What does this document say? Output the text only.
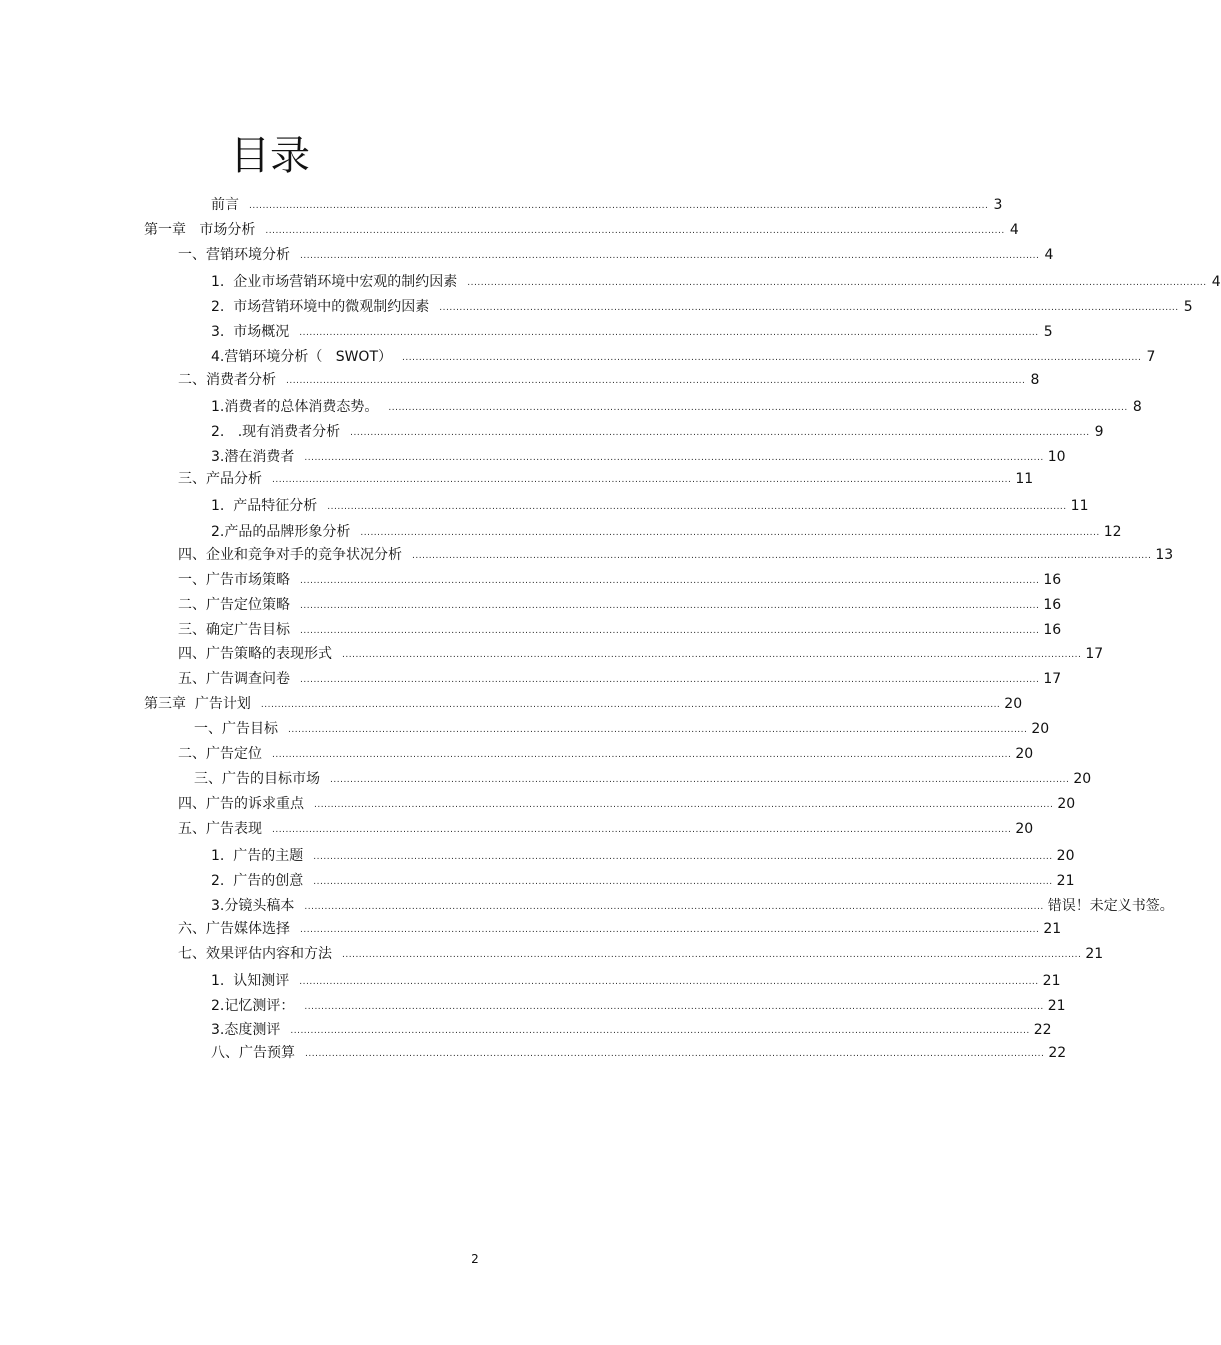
目录
前言 ............................................................................................................................................................................................................................ 3
第一章   市场分析 ............................................................................................................................................................................................................................ 4
一、营销环境分析 ............................................................................................................................................................................................................................ 4
1.  企业市场营销环境中宏观的制约因素 ............................................................................................................................................................................................................................ 4
2.  市场营销环境中的微观制约因素 ............................................................................................................................................................................................................................ 5
3.  市场概况 ............................................................................................................................................................................................................................ 5
4.营销环境分析（   SWOT） ............................................................................................................................................................................................................................ 7
二、消费者分析 ............................................................................................................................................................................................................................ 8
1.消费者的总体消费态势。 ............................................................................................................................................................................................................................ 8
2.   .现有消费者分析 ............................................................................................................................................................................................................................ 9
3.潜在消费者 ............................................................................................................................................................................................................................ 10
三、产品分析 ............................................................................................................................................................................................................................ 11
1.  产品特征分析 ............................................................................................................................................................................................................................ 11
2.产品的品牌形象分析 ............................................................................................................................................................................................................................ 12
四、企业和竞争对手的竞争状况分析 ............................................................................................................................................................................................................................ 13
一、广告市场策略 ............................................................................................................................................................................................................................ 16
二、广告定位策略 ............................................................................................................................................................................................................................ 16
三、确定广告目标 ............................................................................................................................................................................................................................ 16
四、广告策略的表现形式 ............................................................................................................................................................................................................................ 17
五、广告调查问卷 ............................................................................................................................................................................................................................ 17
第三章  广告计划 ............................................................................................................................................................................................................................ 20
一、广告目标 ............................................................................................................................................................................................................................ 20
二、广告定位 ............................................................................................................................................................................................................................ 20
三、广告的目标市场 ............................................................................................................................................................................................................................ 20
四、广告的诉求重点 ............................................................................................................................................................................................................................ 20
五、广告表现 ............................................................................................................................................................................................................................ 20
1.  广告的主题 ............................................................................................................................................................................................................................ 20
2.  广告的创意 ............................................................................................................................................................................................................................ 21
3.分镜头稿本 ............................................................................................................................................................................................................................ 错误！未定义书签。
六、广告媒体选择 ............................................................................................................................................................................................................................ 21
七、效果评估内容和方法 ............................................................................................................................................................................................................................ 21
1.  认知测评 ............................................................................................................................................................................................................................ 21
2.记忆测评： ............................................................................................................................................................................................................................ 21
3.态度测评 ............................................................................................................................................................................................................................ 22
八、广告预算 ............................................................................................................................................................................................................................ 22
2
